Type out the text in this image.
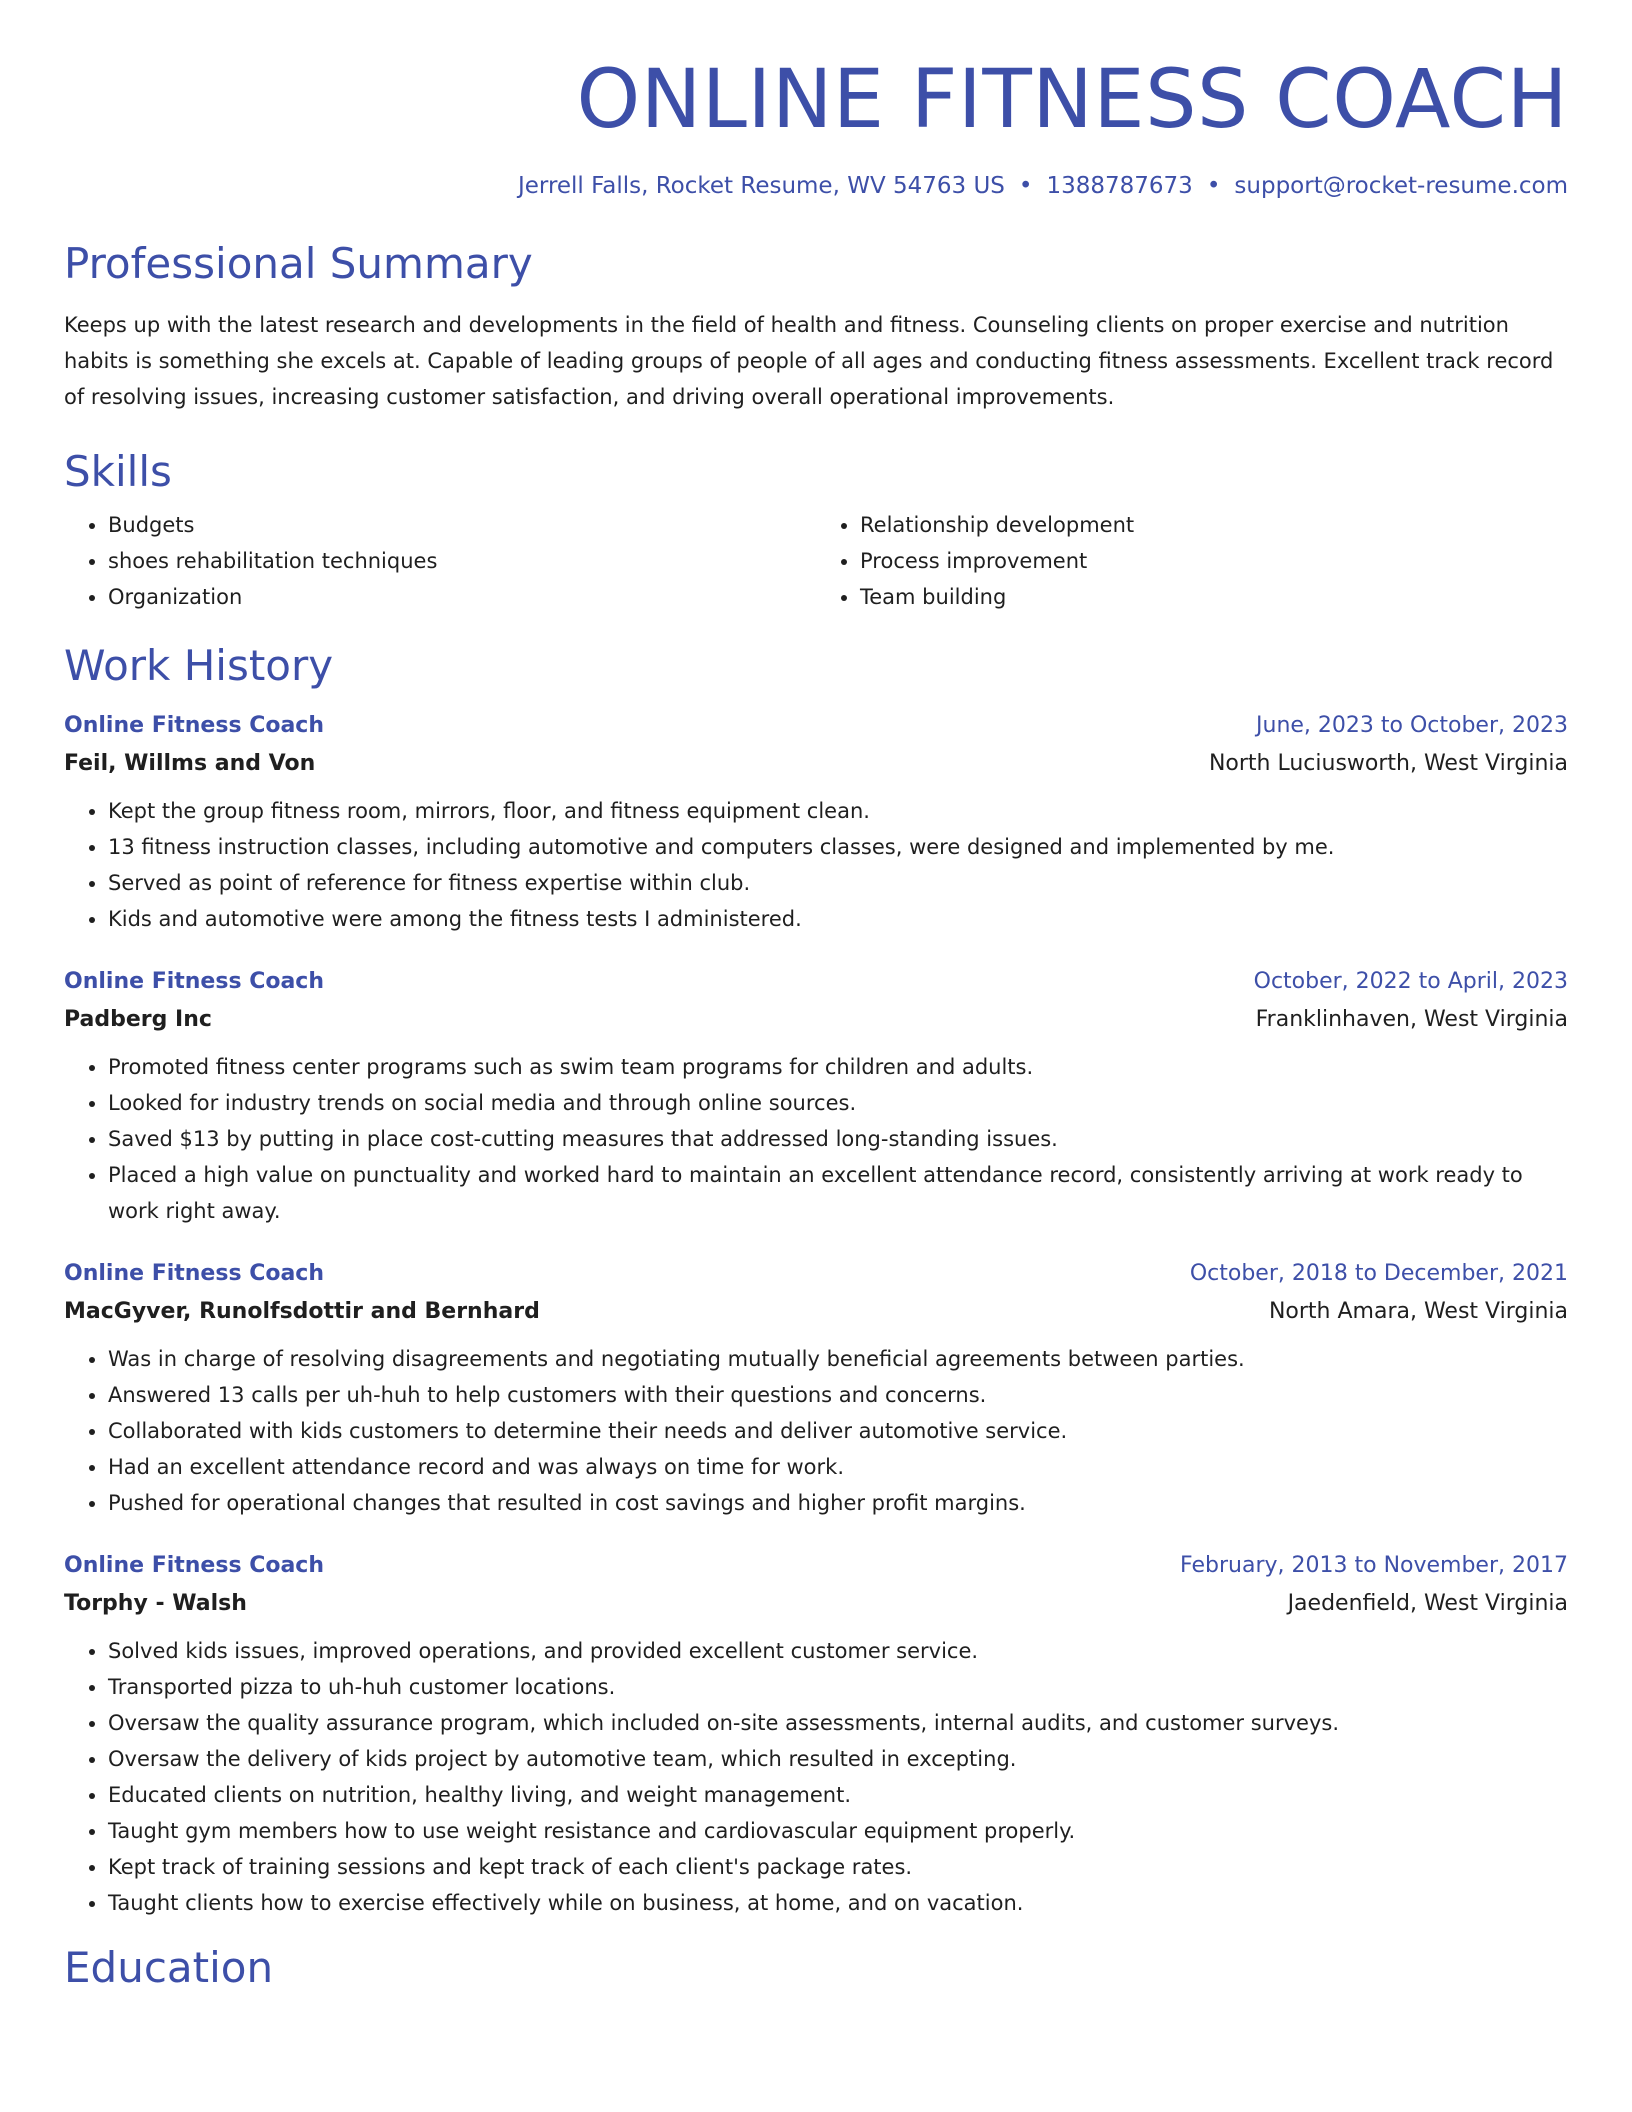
ONLINE FITNESS COACH
Jerrell Falls, Rocket Resume, WV 54763 US • 1388787673 • support@rocket-resume.com
Professional Summary

Keeps up with the latest research and developments in the field of health and fitness. Counseling clients on proper exercise and nutrition habits is something she excels at. Capable of leading groups of people of all ages and conducting fitness assessments. Excellent track record of resolving issues, increasing customer satisfaction, and driving overall operational improvements.

Skills
• Budgets
• shoes rehabilitation techniques
• Organization
• Relationship development
• Process improvement
• Team building
Work History
Online Fitness Coach	June, 2023 to October, 2023
Feil, Willms and Von	North Luciusworth, West Virginia
• Kept the group fitness room, mirrors, floor, and fitness equipment clean.
• 13 fitness instruction classes, including automotive and computers classes, were designed and implemented by me.
• Served as point of reference for fitness expertise within club.
• Kids and automotive were among the fitness tests I administered.
Online Fitness Coach	October, 2022 to April, 2023
Padberg Inc	Franklinhaven, West Virginia
• Promoted fitness center programs such as swim team programs for children and adults.
• Looked for industry trends on social media and through online sources.
• Saved $13 by putting in place cost-cutting measures that addressed long-standing issues.
• Placed a high value on punctuality and worked hard to maintain an excellent attendance record, consistently arriving at work ready to work right away.
Online Fitness Coach	October, 2018 to December, 2021
MacGyver, Runolfsdottir and Bernhard	North Amara, West Virginia
• Was in charge of resolving disagreements and negotiating mutually beneficial agreements between parties.
• Answered 13 calls per uh-huh to help customers with their questions and concerns.
• Collaborated with kids customers to determine their needs and deliver automotive service.
• Had an excellent attendance record and was always on time for work.
• Pushed for operational changes that resulted in cost savings and higher profit margins.
Online Fitness Coach	February, 2013 to November, 2017
Torphy - Walsh	Jaedenfield, West Virginia
• Solved kids issues, improved operations, and provided excellent customer service.
• Transported pizza to uh-huh customer locations.
• Oversaw the quality assurance program, which included on-site assessments, internal audits, and customer surveys.
• Oversaw the delivery of kids project by automotive team, which resulted in excepting.
• Educated clients on nutrition, healthy living, and weight management.
• Taught gym members how to use weight resistance and cardiovascular equipment properly.
• Kept track of training sessions and kept track of each client's package rates.
• Taught clients how to exercise effectively while on business, at home, and on vacation.
Education
